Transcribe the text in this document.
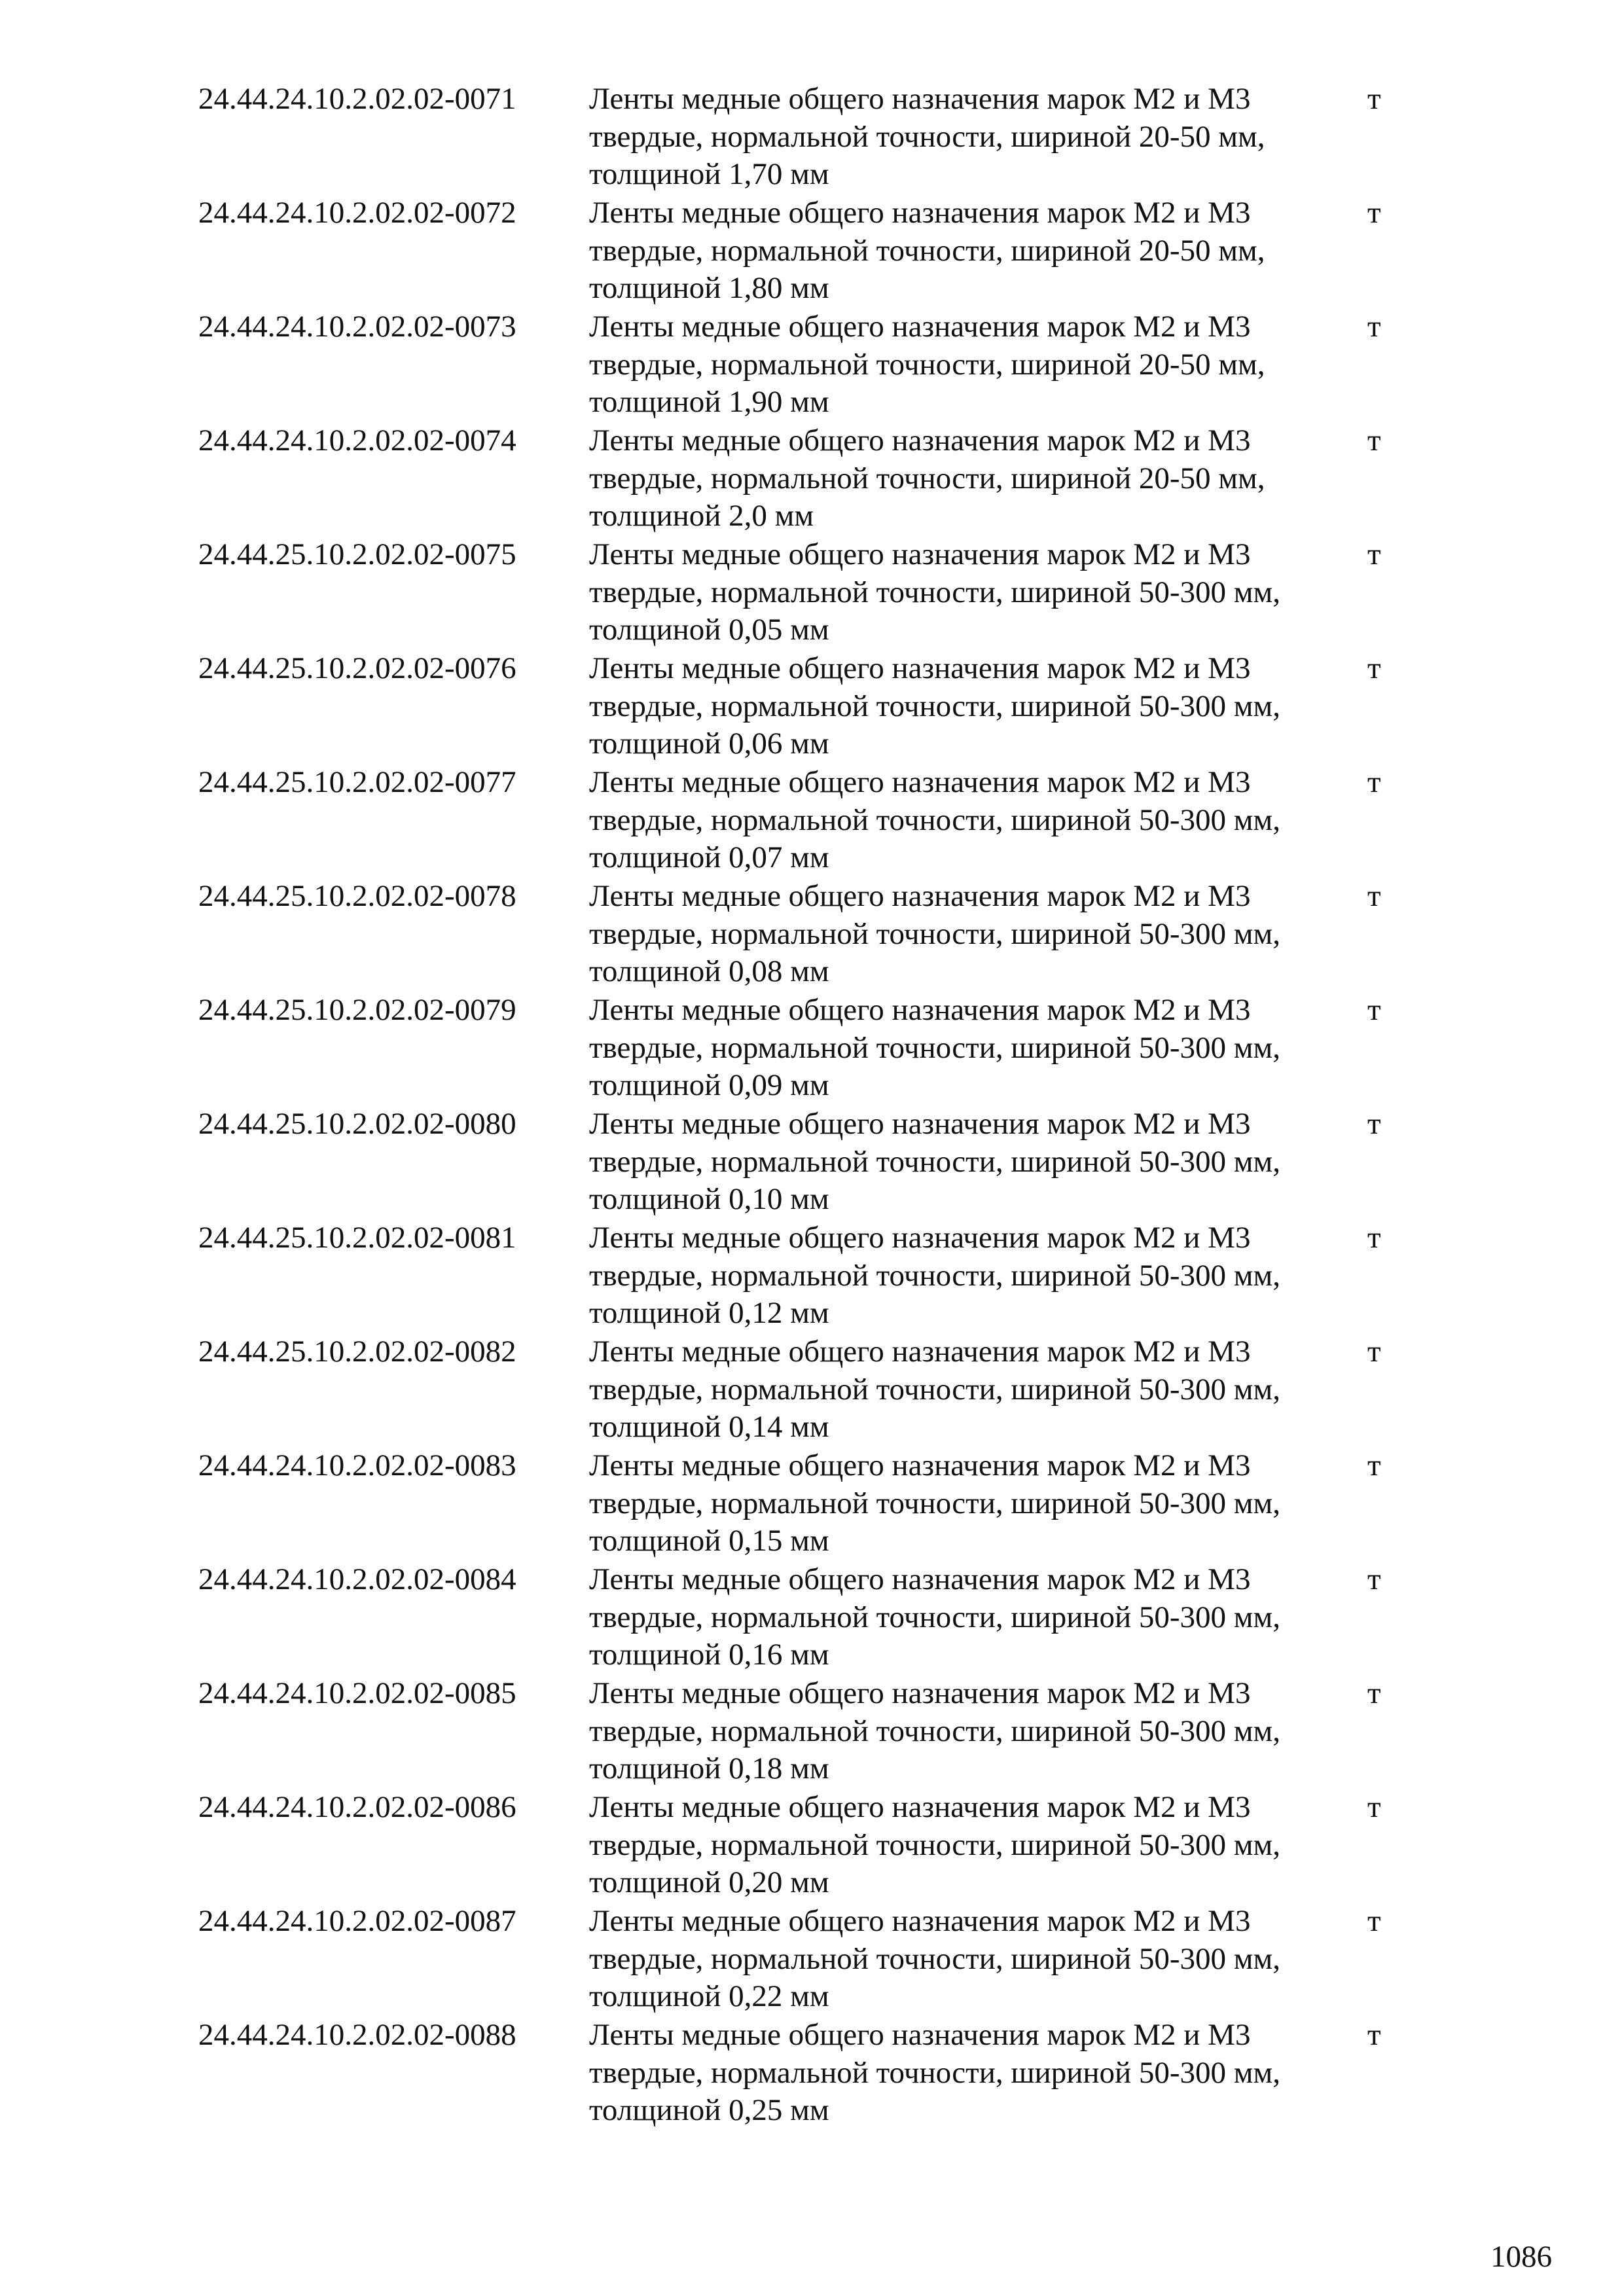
24.44.24.10.2.02.02-0071 Ленты медные общего назначения марок М2 и М3
твердые, нормальной точности, шириной 20-50 мм,
толщиной 1,70 мм
т
24.44.24.10.2.02.02-0072 Ленты медные общего назначения марок М2 и М3
твердые, нормальной точности, шириной 20-50 мм,
толщиной 1,80 мм
т
24.44.24.10.2.02.02-0073 Ленты медные общего назначения марок М2 и М3
твердые, нормальной точности, шириной 20-50 мм,
толщиной 1,90 мм
т
24.44.24.10.2.02.02-0074 Ленты медные общего назначения марок М2 и М3
твердые, нормальной точности, шириной 20-50 мм,
толщиной 2,0 мм
т
24.44.25.10.2.02.02-0075 Ленты медные общего назначения марок М2 и М3
твердые, нормальной точности, шириной 50-300 мм,
толщиной 0,05 мм
т
24.44.25.10.2.02.02-0076 Ленты медные общего назначения марок М2 и М3
твердые, нормальной точности, шириной 50-300 мм,
толщиной 0,06 мм
т
24.44.25.10.2.02.02-0077 Ленты медные общего назначения марок М2 и М3
твердые, нормальной точности, шириной 50-300 мм,
толщиной 0,07 мм
т
24.44.25.10.2.02.02-0078 Ленты медные общего назначения марок М2 и М3
твердые, нормальной точности, шириной 50-300 мм,
толщиной 0,08 мм
т
24.44.25.10.2.02.02-0079 Ленты медные общего назначения марок М2 и М3
твердые, нормальной точности, шириной 50-300 мм,
толщиной 0,09 мм
т
24.44.25.10.2.02.02-0080 Ленты медные общего назначения марок М2 и М3
твердые, нормальной точности, шириной 50-300 мм,
толщиной 0,10 мм
т
24.44.25.10.2.02.02-0081 Ленты медные общего назначения марок М2 и М3
твердые, нормальной точности, шириной 50-300 мм,
толщиной 0,12 мм
т
24.44.25.10.2.02.02-0082 Ленты медные общего назначения марок М2 и М3
твердые, нормальной точности, шириной 50-300 мм,
толщиной 0,14 мм
т
24.44.24.10.2.02.02-0083 Ленты медные общего назначения марок М2 и М3
твердые, нормальной точности, шириной 50-300 мм,
толщиной 0,15 мм
т
24.44.24.10.2.02.02-0084 Ленты медные общего назначения марок М2 и М3
твердые, нормальной точности, шириной 50-300 мм,
толщиной 0,16 мм
т
24.44.24.10.2.02.02-0085 Ленты медные общего назначения марок М2 и М3
твердые, нормальной точности, шириной 50-300 мм,
толщиной 0,18 мм
т
24.44.24.10.2.02.02-0086 Ленты медные общего назначения марок М2 и М3
твердые, нормальной точности, шириной 50-300 мм,
толщиной 0,20 мм
т
24.44.24.10.2.02.02-0087 Ленты медные общего назначения марок М2 и М3
твердые, нормальной точности, шириной 50-300 мм,
толщиной 0,22 мм
т
24.44.24.10.2.02.02-0088 Ленты медные общего назначения марок М2 и М3
твердые, нормальной точности, шириной 50-300 мм,
толщиной 0,25 мм
т
1086
